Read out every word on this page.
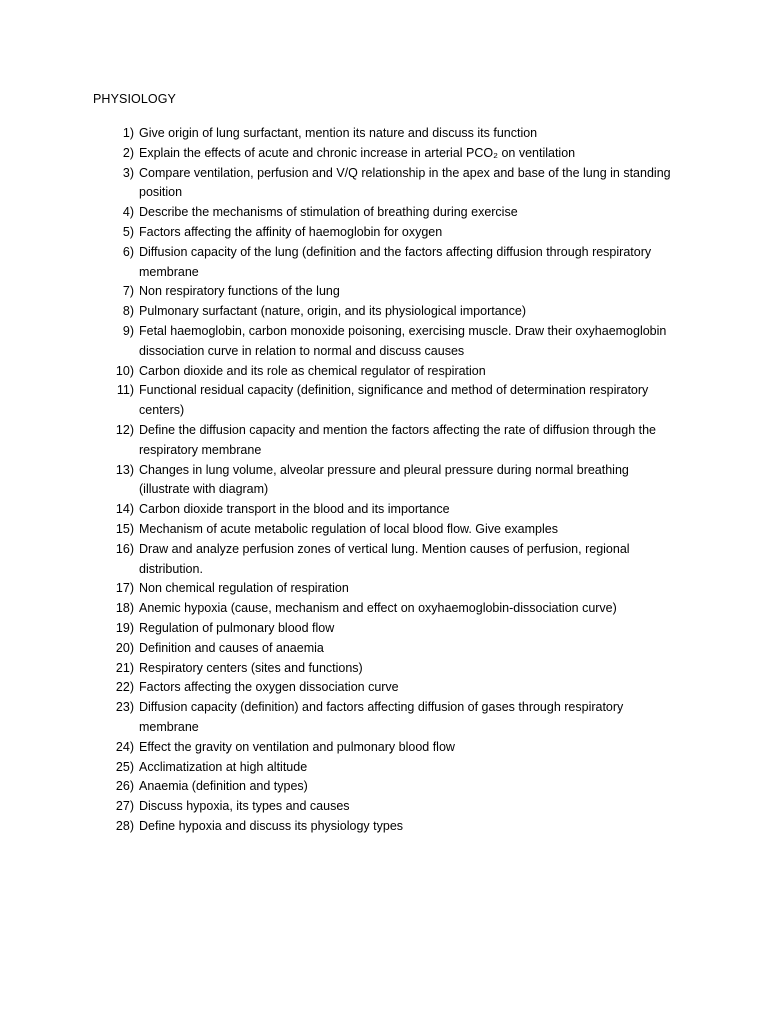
PHYSIOLOGY
1) Give origin of lung surfactant, mention its nature and discuss its function
2) Explain the effects of acute and chronic increase in arterial PCO₂ on ventilation
3) Compare ventilation, perfusion and V/Q relationship in the apex and base of the lung in standing position
4) Describe the mechanisms of stimulation of breathing during exercise
5) Factors affecting the affinity of haemoglobin for oxygen
6) Diffusion capacity of the lung (definition and the factors affecting diffusion through respiratory membrane
7) Non respiratory functions of the lung
8) Pulmonary surfactant (nature, origin, and its physiological importance)
9) Fetal haemoglobin, carbon monoxide poisoning, exercising muscle. Draw their oxyhaemoglobin dissociation curve in relation to normal and discuss causes
10) Carbon dioxide and its role as chemical regulator of respiration
11) Functional residual capacity (definition, significance and method of determination respiratory centers)
12) Define the diffusion capacity and mention the factors affecting the rate of diffusion through the respiratory membrane
13) Changes in lung volume, alveolar pressure and pleural pressure during normal breathing (illustrate with diagram)
14) Carbon dioxide transport in the blood and its importance
15) Mechanism of acute metabolic regulation of local blood flow. Give examples
16) Draw and analyze perfusion zones of vertical lung. Mention causes of perfusion, regional distribution.
17) Non chemical regulation of respiration
18) Anemic hypoxia (cause, mechanism and effect on oxyhaemoglobin-dissociation curve)
19) Regulation of pulmonary blood flow
20) Definition and causes of anaemia
21) Respiratory centers (sites and functions)
22) Factors affecting the oxygen dissociation curve
23) Diffusion capacity (definition) and factors affecting diffusion of gases through respiratory membrane
24) Effect the gravity on ventilation and pulmonary blood flow
25) Acclimatization at high altitude
26) Anaemia (definition and types)
27) Discuss hypoxia, its types and causes
28) Define hypoxia and discuss its physiology types
